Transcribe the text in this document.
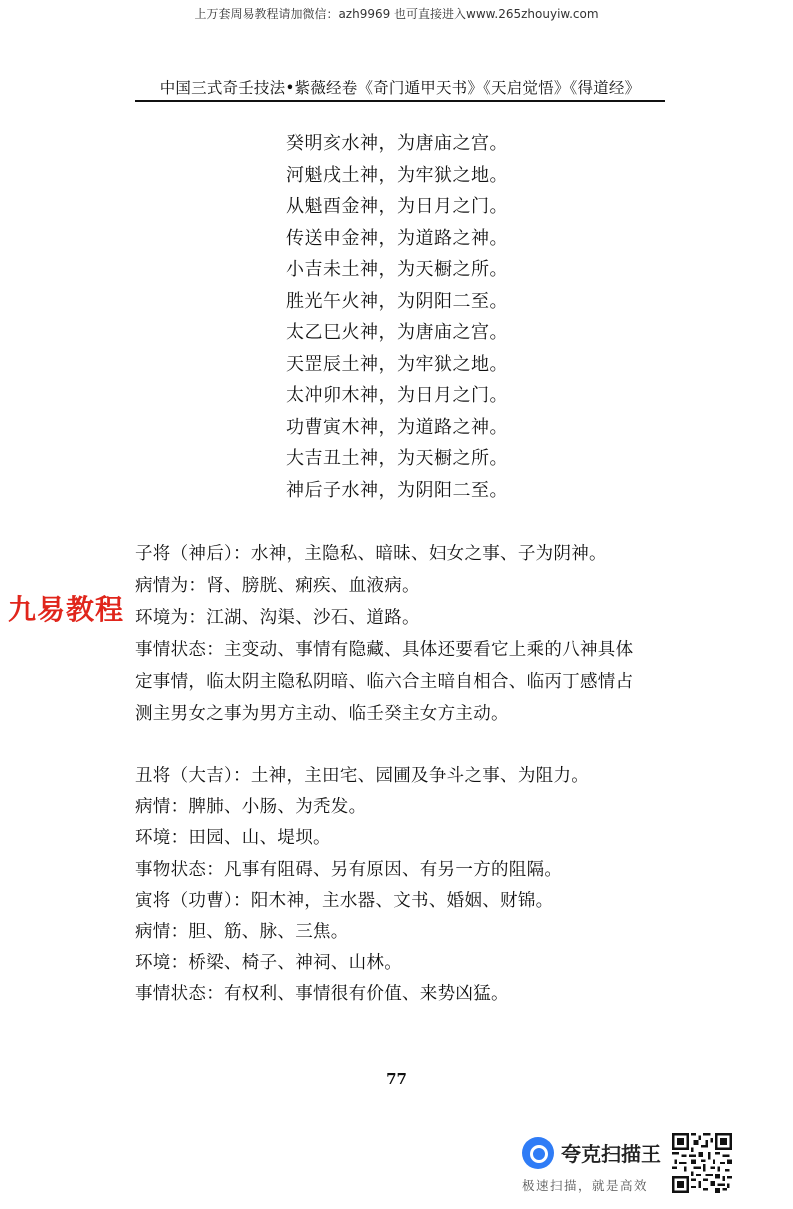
上万套周易教程请加微信：azh9969 也可直接进入www.265zhouyiw.com
中国三式奇壬技法•紫薇经卷《奇门遁甲天书》《天启觉悟》《得道经》
癸明亥水神，为唐庙之宫。
河魁戌土神，为牢狱之地。
从魁酉金神，为日月之门。
传送申金神，为道路之神。
小吉未土神，为天橱之所。
胜光午火神，为阴阳二至。
太乙巳火神，为唐庙之宫。
天罡辰土神，为牢狱之地。
太冲卯木神，为日月之门。
功曹寅木神，为道路之神。
大吉丑土神，为天橱之所。
神后子水神，为阴阳二至。
子将（神后）：水神，主隐私、暗昧、妇女之事、子为阴神。
病情为：肾、膀胱、痢疾、血液病。
环境为：江湖、沟渠、沙石、道路。
事情状态：主变动、事情有隐藏、具体还要看它上乘的八神具体
定事情，临太阴主隐私阴暗、临六合主暗自相合、临丙丁感情占
测主男女之事为男方主动、临壬癸主女方主动。
九易教程
丑将（大吉）：土神，主田宅、园圃及争斗之事、为阻力。
病情：脾肺、小肠、为秃发。
环境：田园、山、堤坝。
事物状态：凡事有阻碍、另有原因、有另一方的阻隔。
寅将（功曹）：阳木神，主水器、文书、婚姻、财锦。
病情：胆、筋、脉、三焦。
环境：桥梁、椅子、神祠、山林。
事情状态：有权利、事情很有价值、来势凶猛。
77
夸克扫描王
极速扫描，就是高效
